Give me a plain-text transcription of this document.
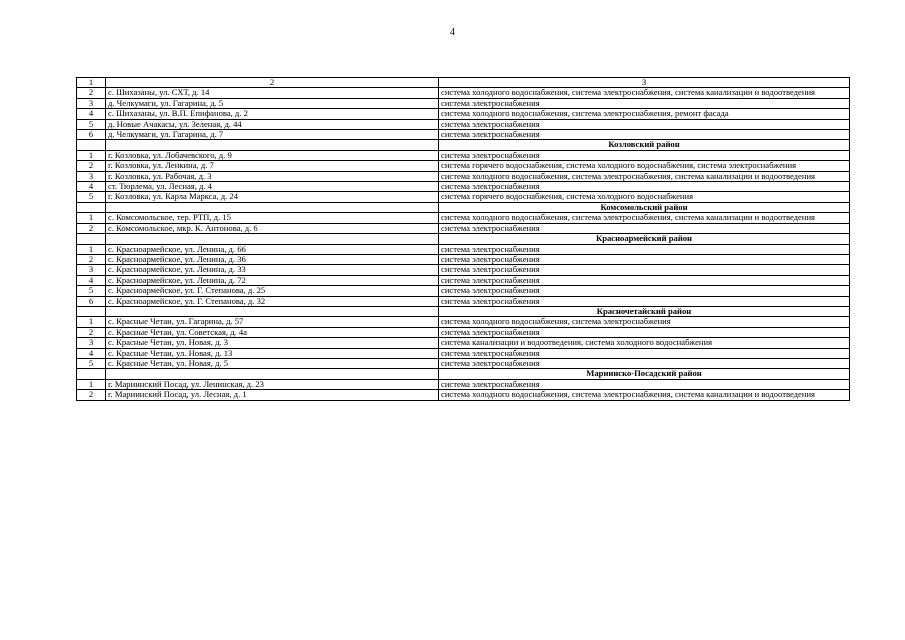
4
1	2	3
2	с. Шихазаны, ул. СХТ, д. 14	система холодного водоснабжения, система электроснабжения, система канализации и водоотведения
3	д. Челкумаги, ул. Гагарина, д. 5	система электроснабжения
4	с. Шихазаны, ул. В.П. Епифанова, д. 2	система холодного водоснабжения, система электроснабжения, ремонт фасада
5	д. Новые Ачакасы, ул. Зеленая, д. 44	система электроснабжения
6	д. Челкумаги, ул. Гагарина, д. 7	система электроснабжения
		Козловский район
1	г. Козловка, ул. Лобачевского, д. 9	система электроснабжения
2	г. Козловка, ул. Ленкина, д. 7	система горячего водоснабжения, система холодного водоснабжения, система электроснабжения
3	г. Козловка, ул. Рабочая, д. 3	система холодного водоснабжения, система электроснабжения, система канализации и водоотведения
4	ст. Тюрлема, ул. Лесная, д. 4	система электроснабжения
5	г. Козловка, ул. Карла Маркса, д. 24	система горячего водоснабжения, система холодного водоснабжения
		Комсомольский район
1	с. Комсомольское, тер. РТП, д. 15	система холодного водоснабжения, система электроснабжения, система канализации и водоотведения
2	с. Комсомольское, мкр. К. Антонова, д. 6	система электроснабжения
		Красноармейский район
1	с. Красноармейское, ул. Ленина, д. 66	система электроснабжения
2	с. Красноармейское, ул. Ленина, д. 36	система электроснабжения
3	с. Красноармейское, ул. Ленина, д. 33	система электроснабжения
4	с. Красноармейское, ул. Ленина, д. 72	система электроснабжения
5	с. Красноармейское, ул. Г. Степанова, д. 25	система электроснабжения
6	с. Красноармейское, ул. Г. Степанова, д. 32	система электроснабжения
		Красночетайский район
1	с. Красные Четаи, ул. Гагарина, д. 57	система холодного водоснабжения, система электроснабжения
2	с. Красные Четаи, ул. Советская, д. 4а	система электроснабжения
3	с. Красные Четаи, ул. Новая, д. 3	система канализации и водоотведения, система холодного водоснабжения
4	с. Красные Четаи, ул. Новая, д. 13	система электроснабжения
5	с. Красные Четаи, ул. Новая, д. 5	система электроснабжения
		Мариинско-Посадский район
1	г. Мариинский Посад, ул. Ленинская, д. 23	система электроснабжения
2	г. Мариинский Посад, ул. Лесная, д. 1	система холодного водоснабжения, система электроснабжения, система канализации и водоотведения
